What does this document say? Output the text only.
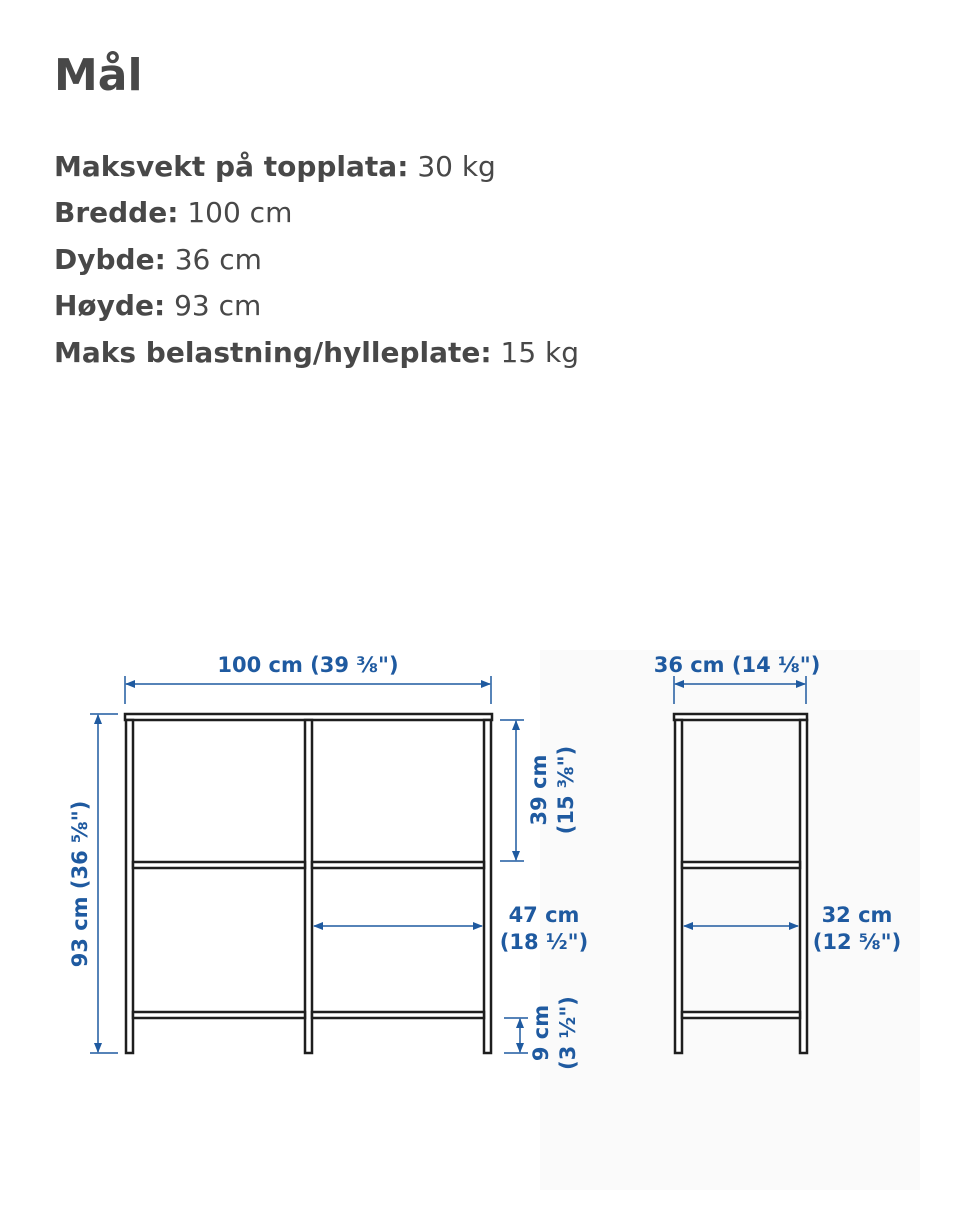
Mål
Maksvekt på topplata: 30 kg
Bredde: 100 cm
Dybde: 36 cm
Høyde: 93 cm
Maks belastning/hylleplate: 15 kg
100 cm (39 ⅜")
93 cm (36 ⅝")
39 cm (15 ⅜")
47 cm
(18 ½")
9 cm (3 ½")
36 cm (14 ⅛")
32 cm
(12 ⅝")
